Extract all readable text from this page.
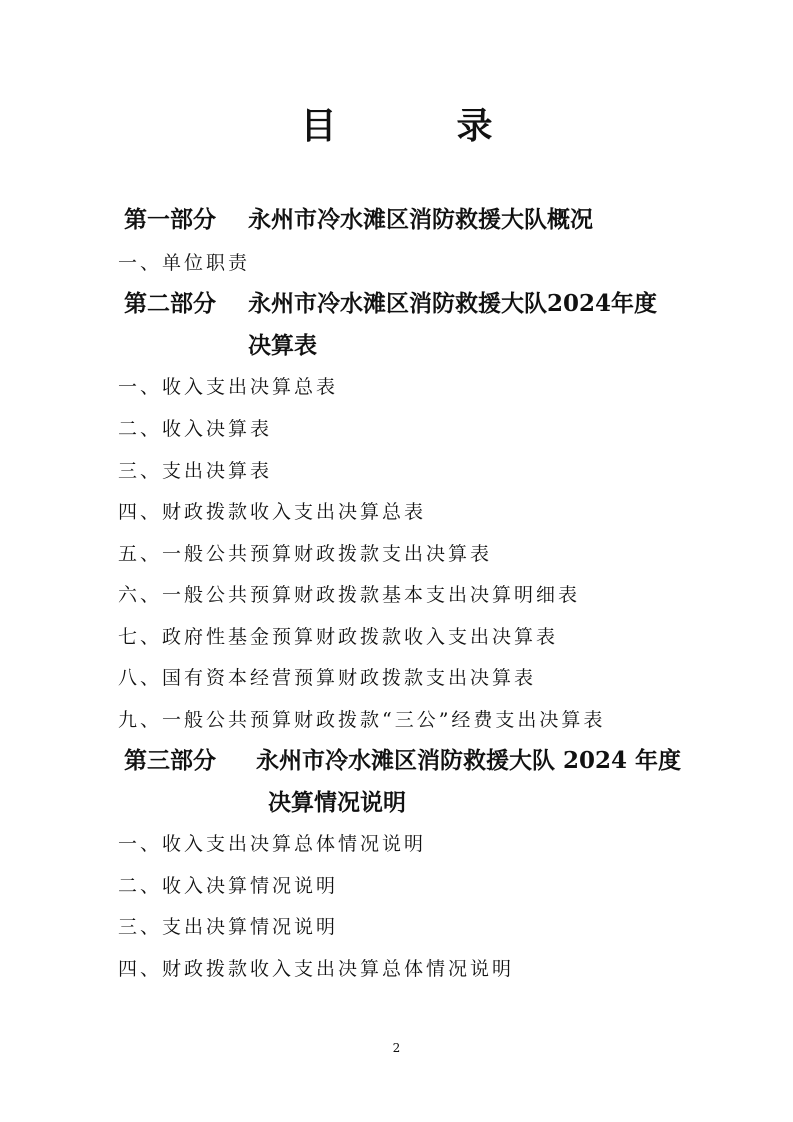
目　录
第一部分 永州市冷水滩区消防救援大队概况
一、单位职责
第二部分 永州市冷水滩区消防救援大队2024年度
决算表
一、收入支出决算总表
二、收入决算表
三、支出决算表
四、财政拨款收入支出决算总表
五、一般公共预算财政拨款支出决算表
六、一般公共预算财政拨款基本支出决算明细表
七、政府性基金预算财政拨款收入支出决算表
八、国有资本经营预算财政拨款支出决算表
九、一般公共预算财政拨款“三公”经费支出决算表
第三部分 永州市冷水滩区消防救援大队 2024 年度
决算情况说明
一、收入支出决算总体情况说明
二、收入决算情况说明
三、支出决算情况说明
四、财政拨款收入支出决算总体情况说明
2
